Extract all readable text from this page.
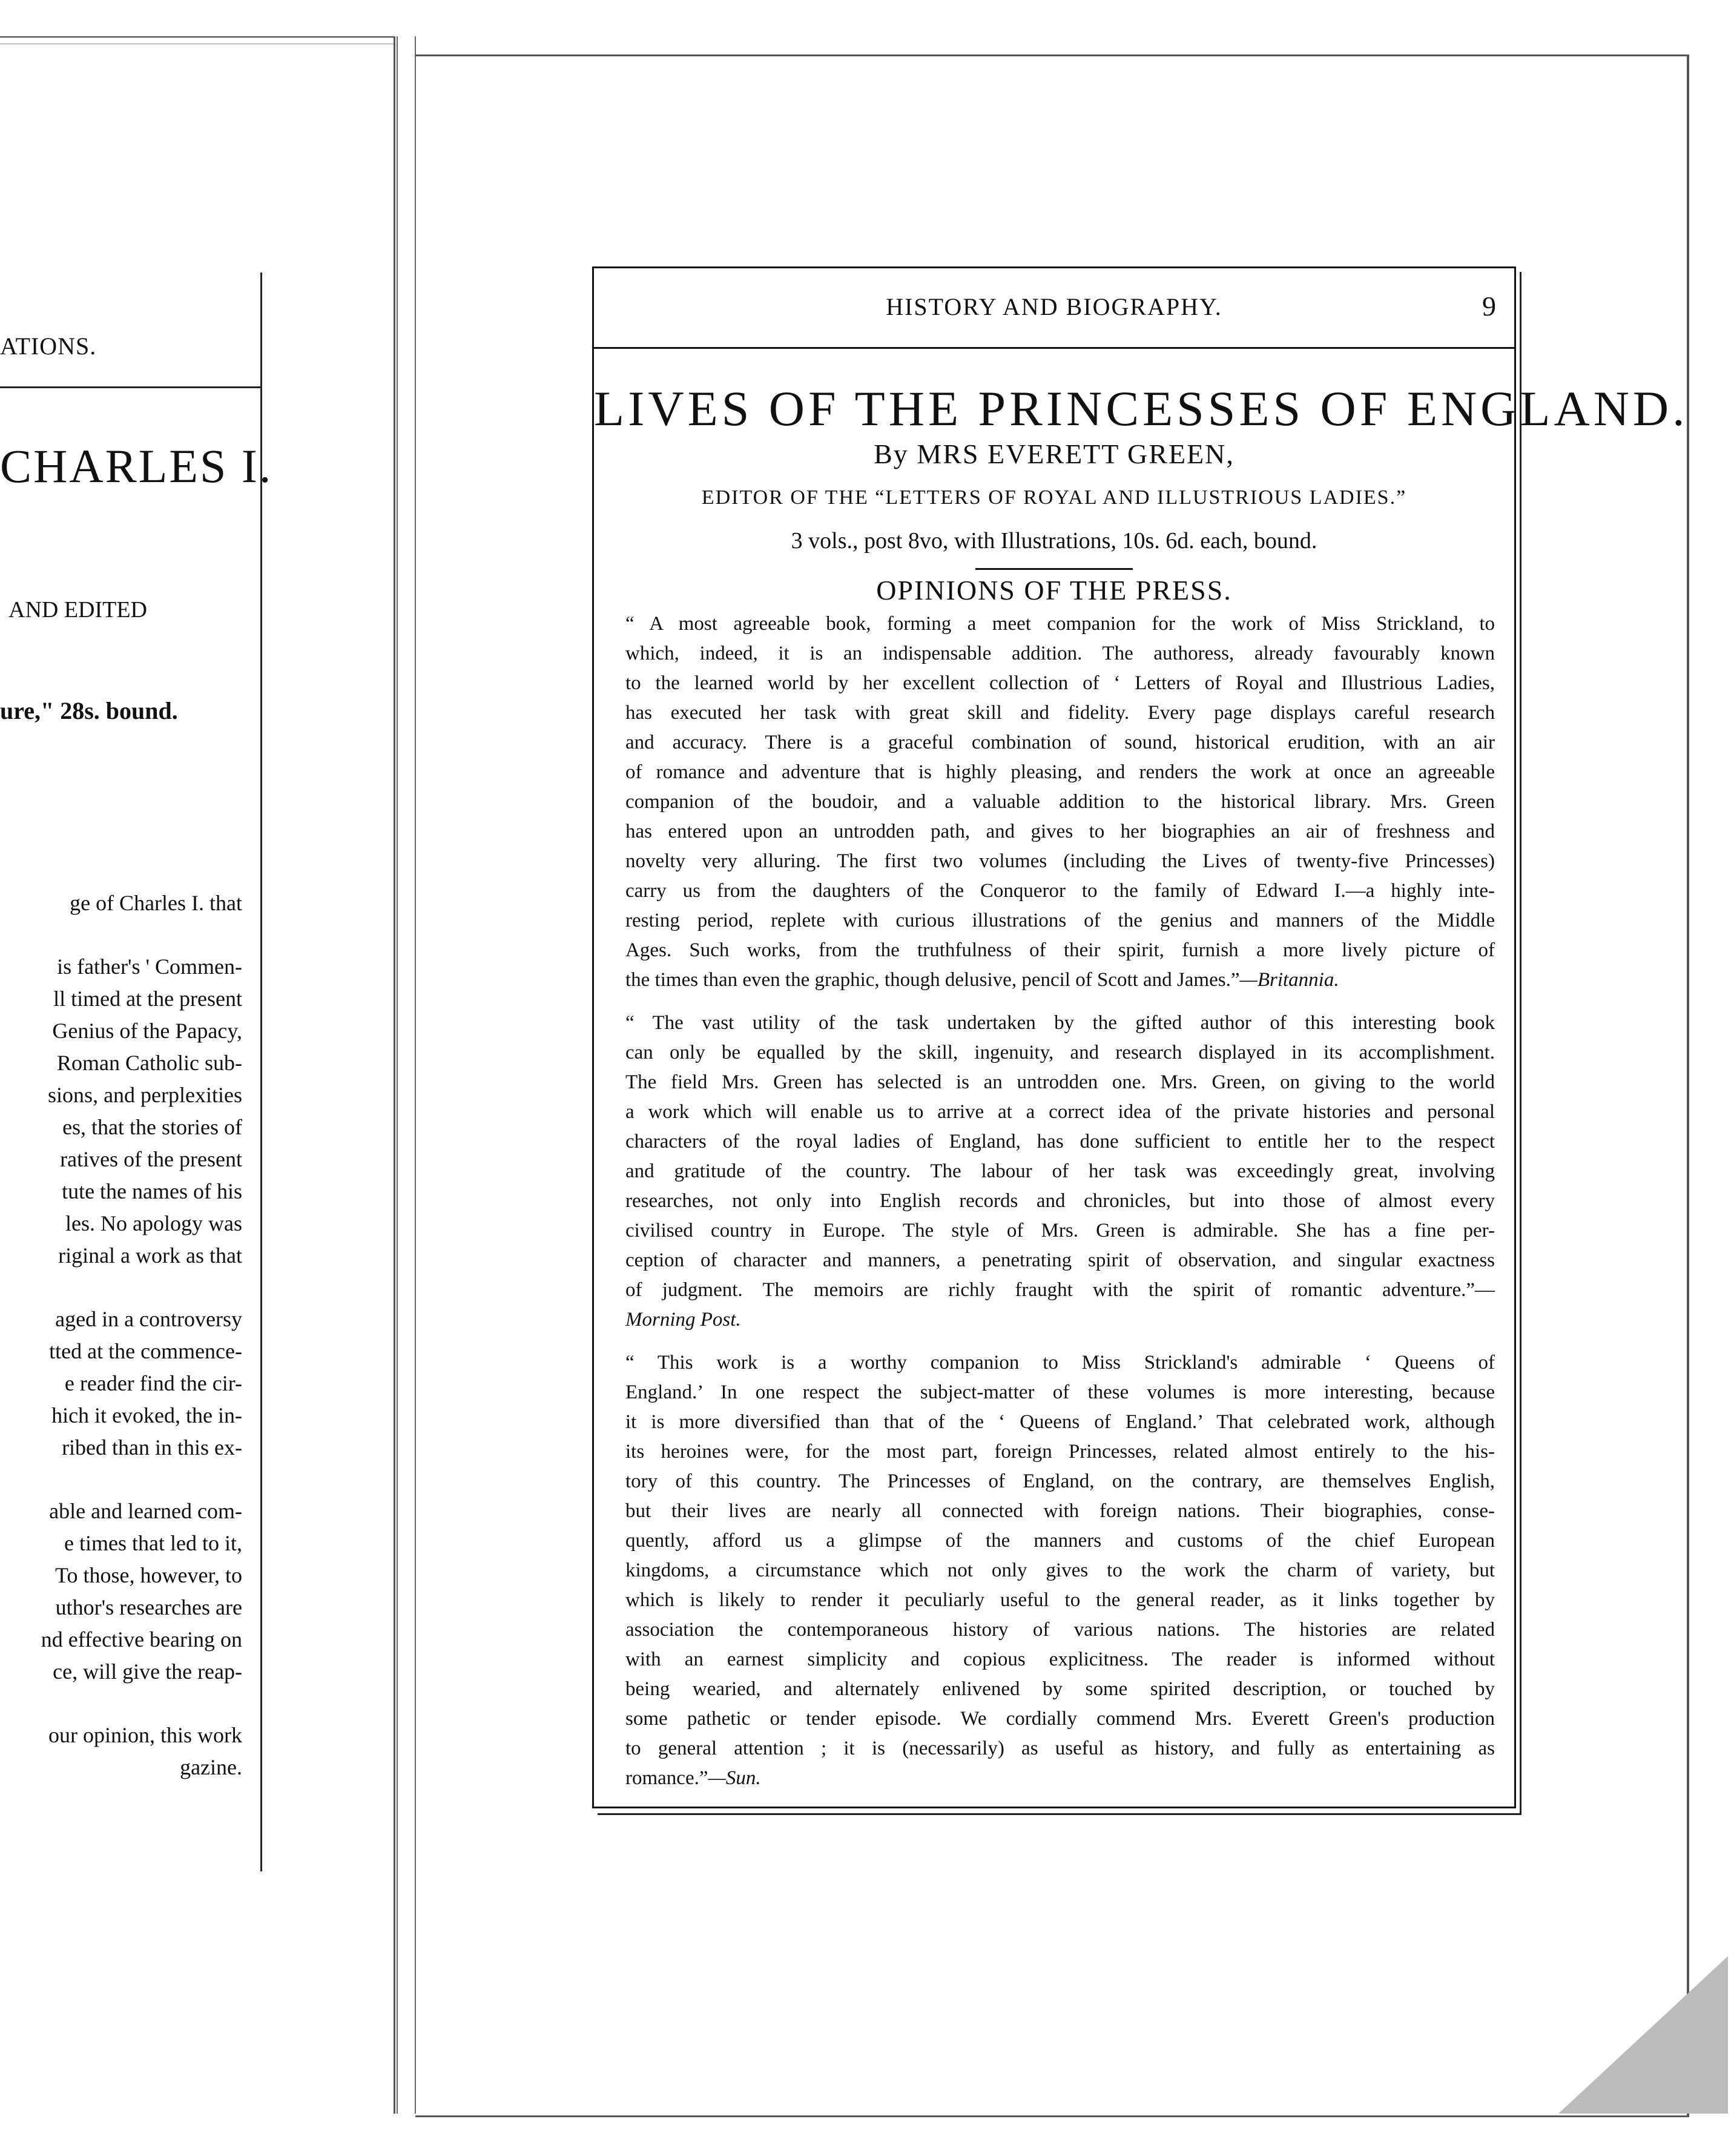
ATIONS.
CHARLES I.
AND EDITED
ure," 28s. bound.
ge of Charles I. that
is father's ' Commen-
ll timed at the present
Genius of the Papacy,
Roman Catholic sub-
sions, and perplexities
es, that the stories of
ratives of the present
tute the names of his
les. No apology was
riginal a work as that
aged in a controversy
tted at the commence-
e reader find the cir-
hich it evoked, the in-
ribed than in this ex-
able and learned com-
e times that led to it,
To those, however, to
uthor's researches are
nd effective bearing on
ce, will give the reap-
our opinion, this work
gazine.
HISTORY AND BIOGRAPHY.	9
LIVES OF THE PRINCESSES OF ENGLAND.
By MRS EVERETT GREEN,
EDITOR OF THE “LETTERS OF ROYAL AND ILLUSTRIOUS LADIES.”
3 vols., post 8vo, with Illustrations, 10s. 6d. each, bound.
OPINIONS OF THE PRESS.
“ A most agreeable book, forming a meet companion for the work of Miss Strickland, to
which, indeed, it is an indispensable addition. The authoress, already favourably known
to the learned world by her excellent collection of ‘ Letters of Royal and Illustrious Ladies,
has executed her task with great skill and fidelity. Every page displays careful research
and accuracy. There is a graceful combination of sound, historical erudition, with an air
of romance and adventure that is highly pleasing, and renders the work at once an agreeable
companion of the boudoir, and a valuable addition to the historical library. Mrs. Green
has entered upon an untrodden path, and gives to her biographies an air of freshness and
novelty very alluring. The first two volumes (including the Lives of twenty-five Princesses)
carry us from the daughters of the Conqueror to the family of Edward I.—a highly inte-
resting period, replete with curious illustrations of the genius and manners of the Middle
Ages. Such works, from the truthfulness of their spirit, furnish a more lively picture of
the times than even the graphic, though delusive, pencil of Scott and James.”—Britannia.
“ The vast utility of the task undertaken by the gifted author of this interesting book
can only be equalled by the skill, ingenuity, and research displayed in its accomplishment.
The field Mrs. Green has selected is an untrodden one. Mrs. Green, on giving to the world
a work which will enable us to arrive at a correct idea of the private histories and personal
characters of the royal ladies of England, has done sufficient to entitle her to the respect
and gratitude of the country. The labour of her task was exceedingly great, involving
researches, not only into English records and chronicles, but into those of almost every
civilised country in Europe. The style of Mrs. Green is admirable. She has a fine per-
ception of character and manners, a penetrating spirit of observation, and singular exactness
of judgment. The memoirs are richly fraught with the spirit of romantic adventure.”—
Morning Post.
“ This work is a worthy companion to Miss Strickland's admirable ‘ Queens of
England.’ In one respect the subject-matter of these volumes is more interesting, because
it is more diversified than that of the ‘ Queens of England.’ That celebrated work, although
its heroines were, for the most part, foreign Princesses, related almost entirely to the his-
tory of this country. The Princesses of England, on the contrary, are themselves English,
but their lives are nearly all connected with foreign nations. Their biographies, conse-
quently, afford us a glimpse of the manners and customs of the chief European
kingdoms, a circumstance which not only gives to the work the charm of variety, but
which is likely to render it peculiarly useful to the general reader, as it links together by
association the contemporaneous history of various nations. The histories are related
with an earnest simplicity and copious explicitness. The reader is informed without
being wearied, and alternately enlivened by some spirited description, or touched by
some pathetic or tender episode. We cordially commend Mrs. Everett Green's production
to general attention ; it is (necessarily) as useful as history, and fully as entertaining as
romance.”—Sun.
